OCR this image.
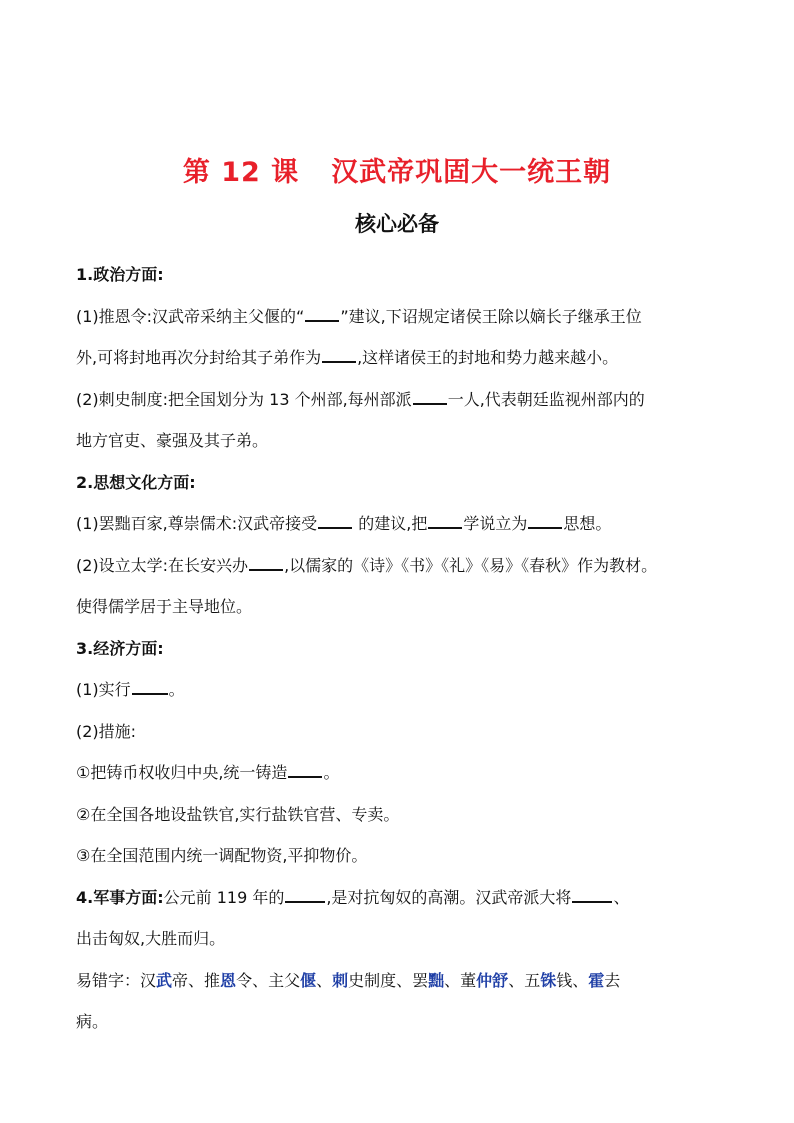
第 12 课 汉武帝巩固大一统王朝
核心必备
1.政治方面:
(1)推恩令:汉武帝采纳主父偃的“ ”建议,下诏规定诸侯王除以嫡长子继承王位
外,可将封地再次分封给其子弟作为 ,这样诸侯王的封地和势力越来越小。
(2)刺史制度:把全国划分为 13 个州部,每州部派 一人,代表朝廷监视州部内的
地方官吏、豪强及其子弟。
2.思想文化方面:
(1)罢黜百家,尊崇儒术:汉武帝接受 的建议,把 学说立为 思想。
(2)设立太学:在长安兴办 ,以儒家的《诗》《书》《礼》《易》《春秋》作为教材。
使得儒学居于主导地位。
3.经济方面:
(1)实行 。
(2)措施:
①把铸币权收归中央,统一铸造 。
②在全国各地设盐铁官,实行盐铁官营、专卖。
③在全国范围内统一调配物资,平抑物价。
4.军事方面:公元前 119 年的	,是对抗匈奴的高潮。汉武帝派大将	、
出击匈奴,大胜而归。
易错字：汉武帝、推恩令、主父偃、刺史制度、罢黜、董仲舒、五铢钱、霍去
病。
